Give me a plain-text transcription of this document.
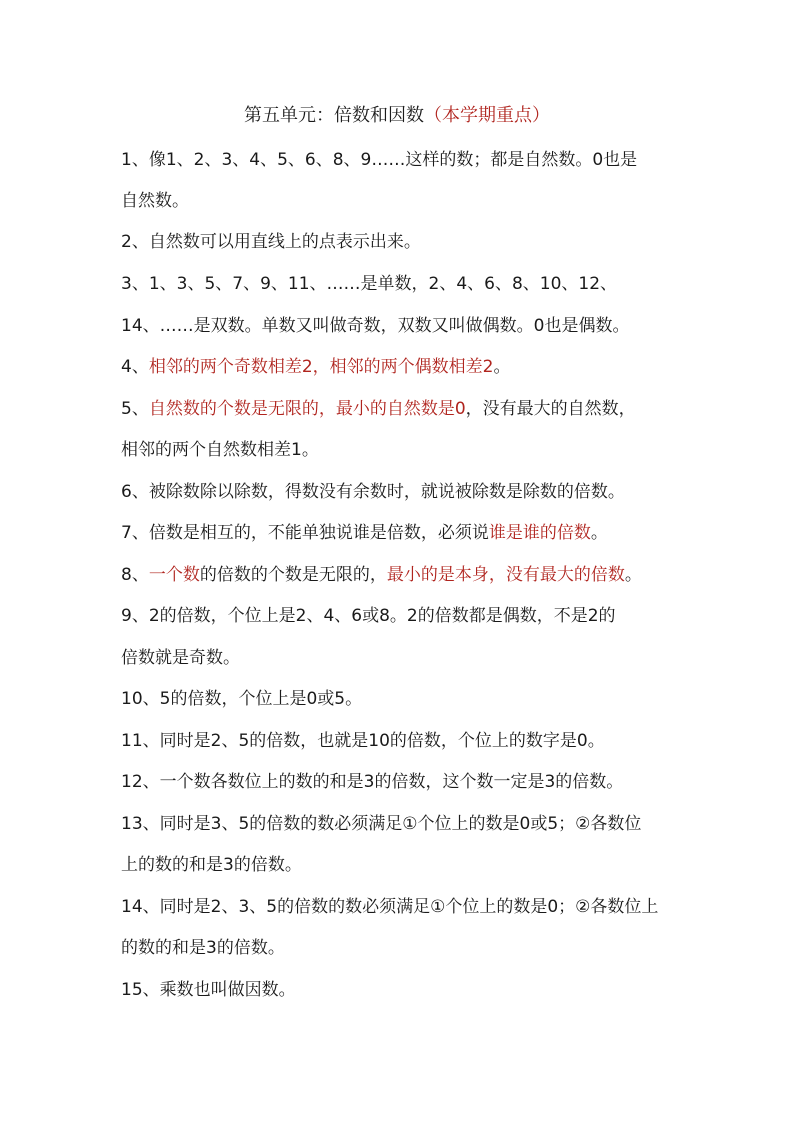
第五单元：倍数和因数（本学期重点）
1、像1、2、3、4、5、6、8、9……这样的数；都是自然数。0也是
自然数。
2、自然数可以用直线上的点表示出来。
3、1、3、5、7、9、11、……是单数，2、4、6、8、10、12、
14、……是双数。单数又叫做奇数，双数又叫做偶数。0也是偶数。
4、相邻的两个奇数相差2，相邻的两个偶数相差2。
5、自然数的个数是无限的，最小的自然数是0，没有最大的自然数，
相邻的两个自然数相差1。
6、被除数除以除数，得数没有余数时，就说被除数是除数的倍数。
7、倍数是相互的，不能单独说谁是倍数，必须说谁是谁的倍数。
8、一个数的倍数的个数是无限的，最小的是本身，没有最大的倍数。
9、2的倍数，个位上是2、4、6或8。2的倍数都是偶数，不是2的
倍数就是奇数。
10、5的倍数，个位上是0或5。
11、同时是2、5的倍数，也就是10的倍数，个位上的数字是0。
12、一个数各数位上的数的和是3的倍数，这个数一定是3的倍数。
13、同时是3、5的倍数的数必须满足①个位上的数是0或5；②各数位
上的数的和是3的倍数。
14、同时是2、3、5的倍数的数必须满足①个位上的数是0；②各数位上
的数的和是3的倍数。
15、乘数也叫做因数。
